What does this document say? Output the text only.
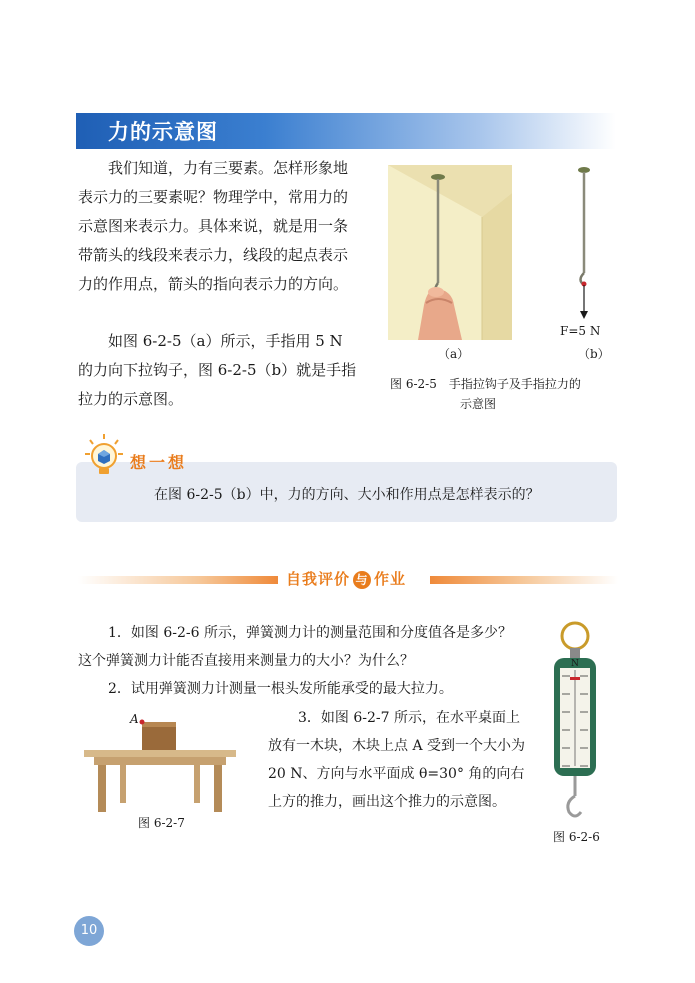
力的示意图
我们知道，力有三要素。怎样形象地表示力的三要素呢？物理学中，常用力的示意图来表示力。具体来说，就是用一条带箭头的线段来表示力，线段的起点表示力的作用点，箭头的指向表示力的方向。
如图 6-2-5（a）所示，手指用 5 N 的力向下拉钩子，图 6-2-5（b）就是手指拉力的示意图。
F=5 N
（a）	（b）
图 6-2-5　手指拉钩子及手指拉力的
示意图
想一想
在图 6-2-5（b）中，力的方向、大小和作用点是怎样表示的？
自我评价 与 作业
1．如图 6-2-6 所示，弹簧测力计的测量范围和分度值各是多少？这个弹簧测力计能否直接用来测量力的大小？为什么？
2．试用弹簧测力计测量一根头发所能承受的最大拉力。
3．如图 6-2-7 所示，在水平桌面上放有一木块，木块上点 A 受到一个大小为 20 N、方向与水平面成 θ=30° 角的向右上方的推力，画出这个推力的示意图。
A
图 6-2-7
N
图 6-2-6
10
